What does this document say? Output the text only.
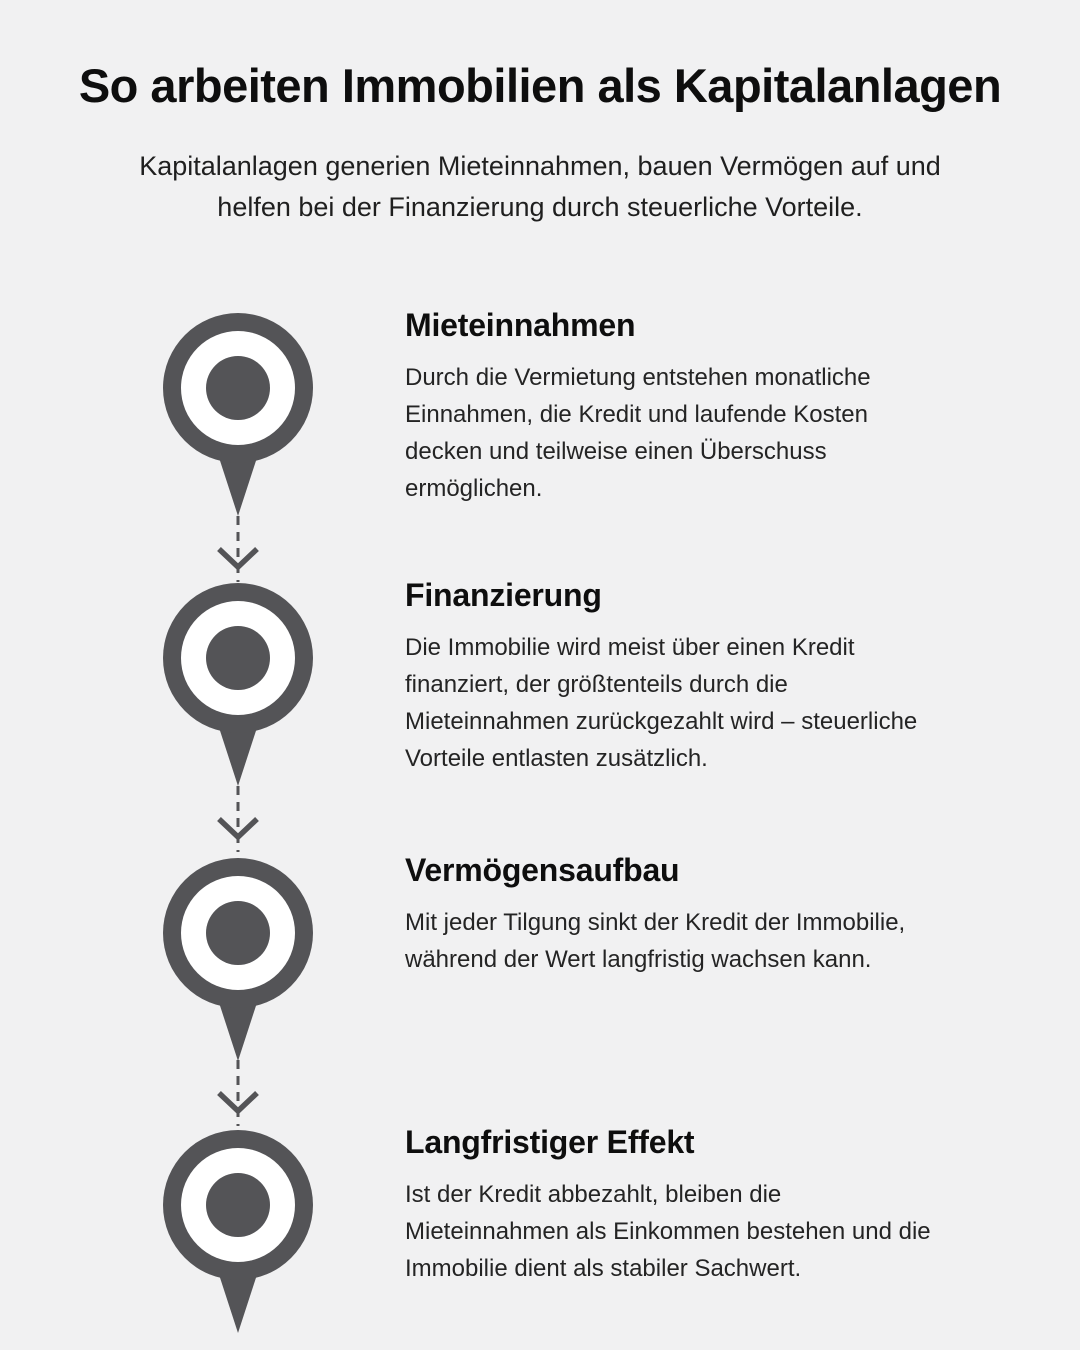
So arbeiten Immobilien als Kapitalanlagen

Kapitalanlagen generien Mieteinnahmen, bauen Vermögen auf und helfen bei der Finanzierung durch steuerliche Vorteile.

Mieteinnahmen

Durch die Vermietung entstehen monatliche Einnahmen, die Kredit und laufende Kosten decken und teilweise einen Überschuss ermöglichen.

Finanzierung

Die Immobilie wird meist über einen Kredit finanziert, der größtenteils durch die Mieteinnahmen zurückgezahlt wird – steuerliche Vorteile entlasten zusätzlich.

Vermögensaufbau

Mit jeder Tilgung sinkt der Kredit der Immobilie, während der Wert langfristig wachsen kann.

Langfristiger Effekt

Ist der Kredit abbezahlt, bleiben die Mieteinnahmen als Einkommen bestehen und die Immobilie dient als stabiler Sachwert.
